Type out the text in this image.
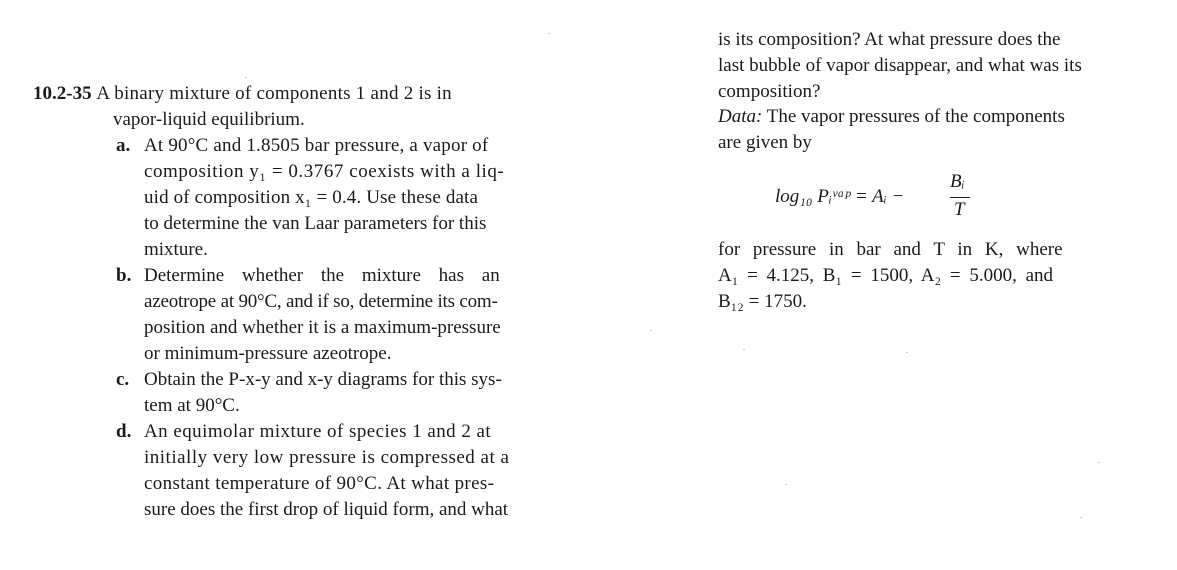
10.2-35 A binary mixture of components 1 and 2 is in
vapor-liquid equilibrium.
a. At 90°C and 1.8505 bar pressure, a vapor of
composition y₁ = 0.3767 coexists with a liq-
uid of composition x₁ = 0.4. Use these data
to determine the van Laar parameters for this
mixture.
b. Determine whether the mixture has an
azeotrope at 90°C, and if so, determine its com-
position and whether it is a maximum-pressure
or minimum-pressure azeotrope.
c. Obtain the P-x-y and x-y diagrams for this sys-
tem at 90°C.
d. An equimolar mixture of species 1 and 2 at
initially very low pressure is compressed at a
constant temperature of 90°C. At what pres-
sure does the first drop of liquid form, and what
is its composition? At what pressure does the
last bubble of vapor disappear, and what was its
composition?
Data: The vapor pressures of the components
are given by
log₁₀ Pᵢᵛᵃᵖ = Aᵢ −
Bᵢ
T
for pressure in bar and T in K, where
A₁ = 4.125, B₁ = 1500, A₂ = 5.000, and
B₁₂ = 1750.
